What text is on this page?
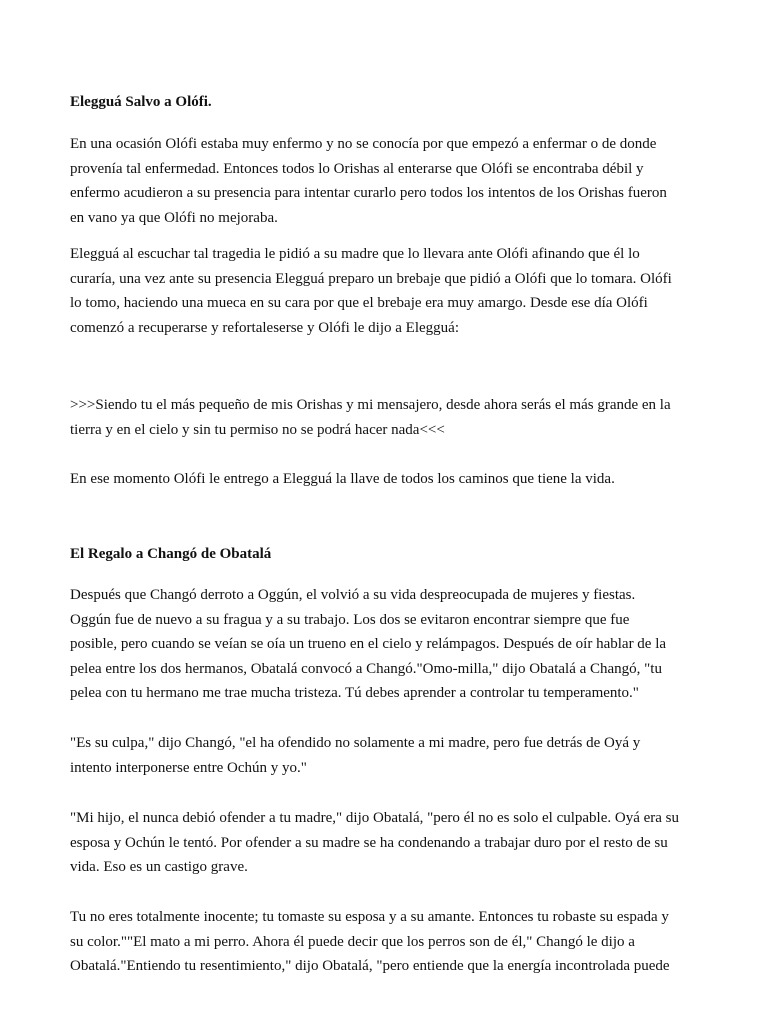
Elegguá Salvo a Olófi.

En una ocasión Olófi estaba muy enfermo y no se conocía por que empezó a enfermar o de donde
provenía tal enfermedad. Entonces todos lo Orishas al enterarse que Olófi se encontraba débil y
enfermo acudieron a su presencia para intentar curarlo pero todos los intentos de los Orishas fueron
en vano ya que Olófi no mejoraba.

Elegguá al escuchar tal tragedia le pidió a su madre que lo llevara ante Olófi afinando que él lo
curaría, una vez ante su presencia Elegguá preparo un brebaje que pidió a Olófi que lo tomara. Olófi
lo tomo, haciendo una mueca en su cara por que el brebaje era muy amargo. Desde ese día Olófi
comenzó a recuperarse y refortaleserse y Olófi le dijo a Elegguá:

>>>Siendo tu el más pequeño de mis Orishas y mi mensajero, desde ahora serás el más grande en la
tierra y en el cielo y sin tu permiso no se podrá hacer nada<<<

En ese momento Olófi le entrego a Elegguá la llave de todos los caminos que tiene la vida.

El Regalo a Changó de Obatalá

Después que Changó derroto a Oggún, el volvió a su vida despreocupada de mujeres y fiestas.
Oggún fue de nuevo a su fragua y a su trabajo. Los dos se evitaron encontrar siempre que fue
posible, pero cuando se veían se oía un trueno en el cielo y relámpagos. Después de oír hablar de la
pelea entre los dos hermanos, Obatalá convocó a Changó."Omo-milla," dijo Obatalá a Changó, "tu
pelea con tu hermano me trae mucha tristeza. Tú debes aprender a controlar tu temperamento."

"Es su culpa," dijo Changó, "el ha ofendido no solamente a mi madre, pero fue detrás de Oyá y
intento interponerse entre Ochún y yo."

"Mi hijo, el nunca debió ofender a tu madre," dijo Obatalá, "pero él no es solo el culpable. Oyá era su
esposa y Ochún le tentó. Por ofender a su madre se ha condenando a trabajar duro por el resto de su
vida. Eso es un castigo grave.

Tu no eres totalmente inocente; tu tomaste su esposa y a su amante. Entonces tu robaste su espada y
su color.""El mato a mi perro. Ahora él puede decir que los perros son de él," Changó le dijo a
Obatalá."Entiendo tu resentimiento," dijo Obatalá, "pero entiende que la energía incontrolada puede
